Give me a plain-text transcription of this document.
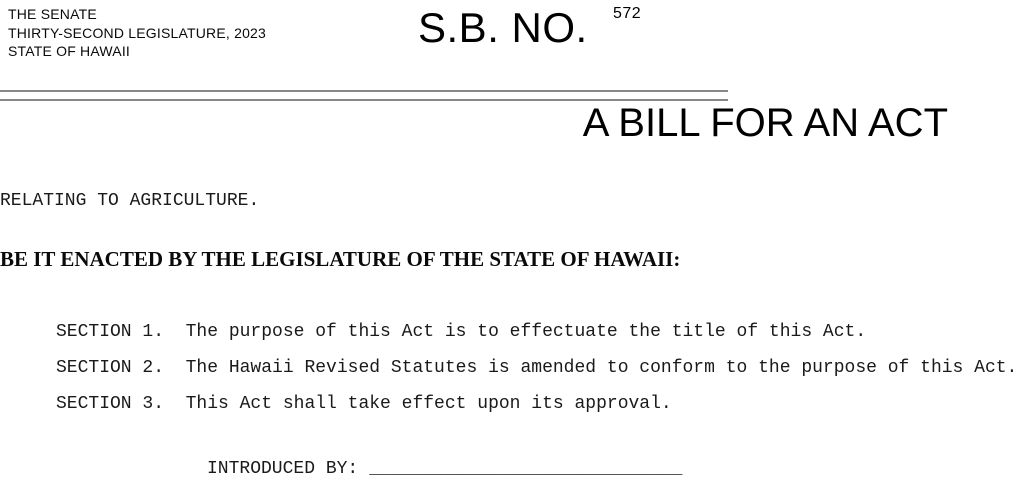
THE SENATE
THIRTY-SECOND LEGISLATURE, 2023
STATE OF HAWAII	S.B. NO. 572
A BILL FOR AN ACT
RELATING TO AGRICULTURE.
BE IT ENACTED BY THE LEGISLATURE OF THE STATE OF HAWAII:
SECTION 1.  The purpose of this Act is to effectuate the title of this Act.
SECTION 2.  The Hawaii Revised Statutes is amended to conform to the purpose of this Act.
SECTION 3.  This Act shall take effect upon its approval.
INTRODUCED BY: _____________________________
